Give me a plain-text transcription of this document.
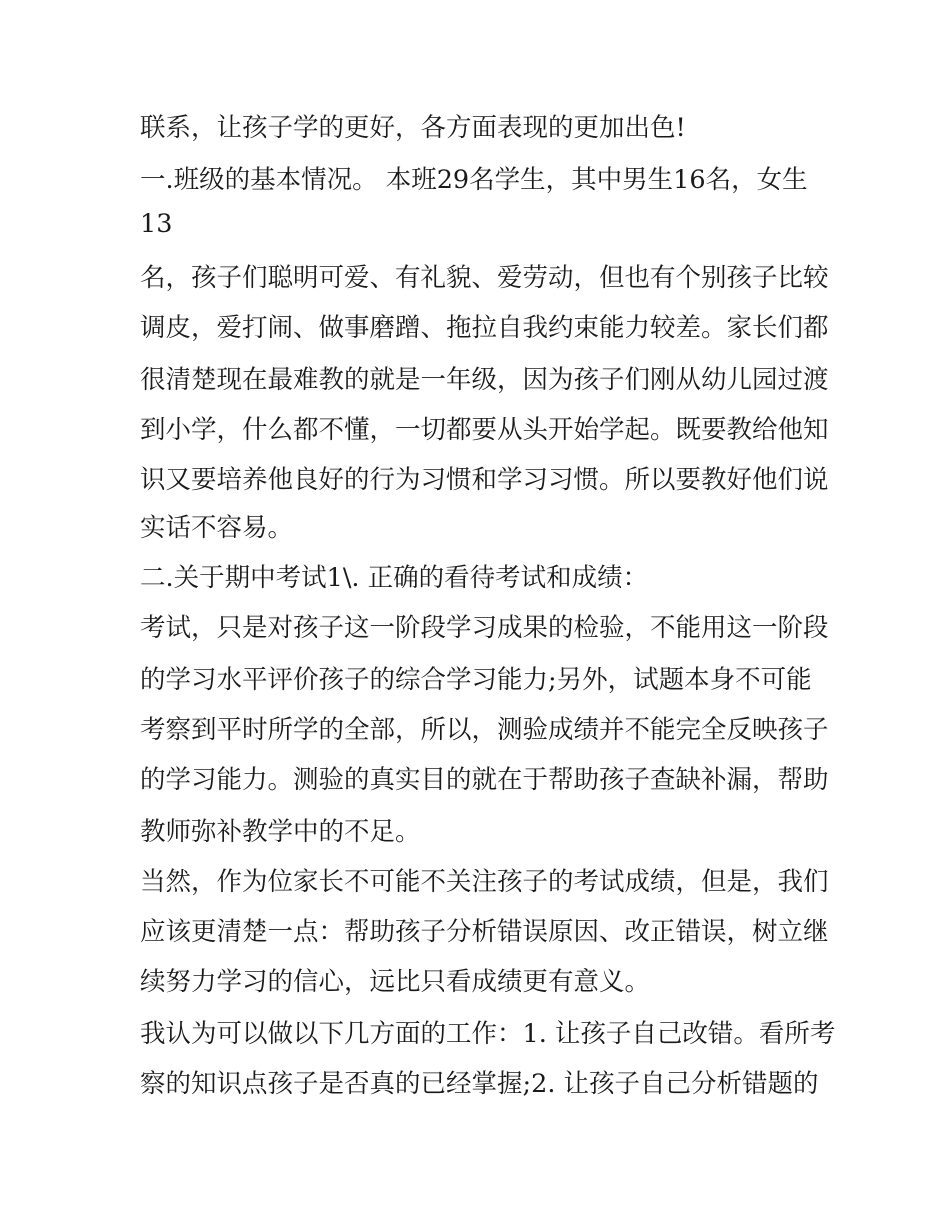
联系，让孩子学的更好，各方面表现的更加出色!
一.班级的基本情况。 本班29名学生，其中男生16名，女生
13
名，孩子们聪明可爱、有礼貌、爱劳动，但也有个别孩子比较
调皮，爱打闹、做事磨蹭、拖拉自我约束能力较差。家长们都
很清楚现在最难教的就是一年级，因为孩子们刚从幼儿园过渡
到小学，什么都不懂，一切都要从头开始学起。既要教给他知
识又要培养他良好的行为习惯和学习习惯。所以要教好他们说
实话不容易。
二.关于期中考试1\. 正确的看待考试和成绩：
考试，只是对孩子这一阶段学习成果的检验，不能用这一阶段
的学习水平评价孩子的综合学习能力;另外，试题本身不可能
考察到平时所学的全部，所以，测验成绩并不能完全反映孩子
的学习能力。测验的真实目的就在于帮助孩子查缺补漏，帮助
教师弥补教学中的不足。
当然，作为位家长不可能不关注孩子的考试成绩，但是，我们
应该更清楚一点：帮助孩子分析错误原因、改正错误，树立继
续努力学习的信心，远比只看成绩更有意义。
我认为可以做以下几方面的工作：1. 让孩子自己改错。看所考
察的知识点孩子是否真的已经掌握;2. 让孩子自己分析错题的
